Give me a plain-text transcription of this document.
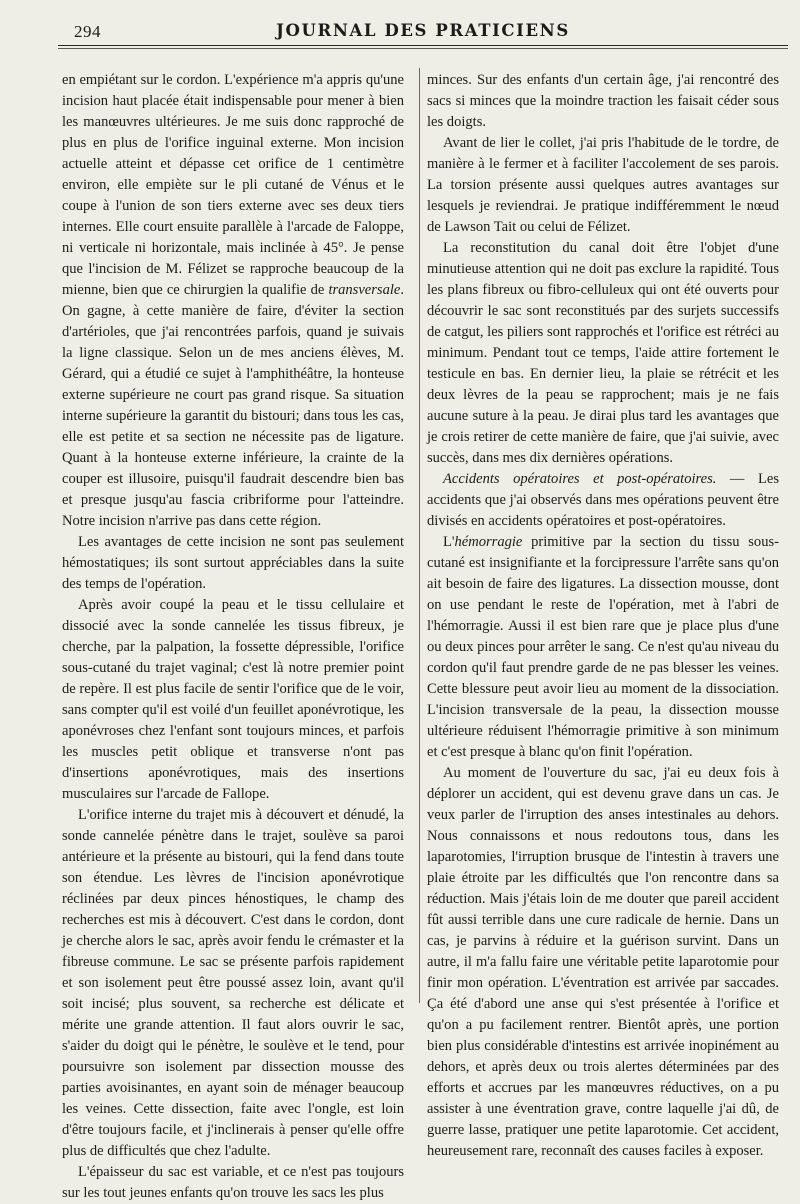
294	JOURNAL DES PRATICIENS

en empiétant sur le cordon. L'expérience m'a appris qu'une incision haut placée était indispensable pour mener à bien les manœuvres ultérieures. Je me suis donc rapproché de plus en plus de l'orifice inguinal externe. Mon incision actuelle atteint et dépasse cet orifice de 1 centimètre environ, elle empiète sur le pli cutané de Vénus et le coupe à l'union de son tiers externe avec ses deux tiers internes. Elle court ensuite parallèle à l'arcade de Faloppe, ni verticale ni horizontale, mais inclinée à 45°. Je pense que l'incision de M. Félizet se rapproche beaucoup de la mienne, bien que ce chirurgien la qualifie de transversale. On gagne, à cette manière de faire, d'éviter la section d'artérioles, que j'ai rencontrées parfois, quand je suivais la ligne classique. Selon un de mes anciens élèves, M. Gérard, qui a étudié ce sujet à l'amphithéâtre, la honteuse externe supérieure ne court pas grand risque. Sa situation interne supérieure la garantit du bistouri; dans tous les cas, elle est petite et sa section ne nécessite pas de ligature. Quant à la honteuse externe inférieure, la crainte de la couper est illusoire, puisqu'il faudrait descendre bien bas et presque jusqu'au fascia cribriforme pour l'atteindre. Notre incision n'arrive pas dans cette région.

Les avantages de cette incision ne sont pas seulement hémostatiques; ils sont surtout appréciables dans la suite des temps de l'opération.

Après avoir coupé la peau et le tissu cellulaire et dissocié avec la sonde cannelée les tissus fibreux, je cherche, par la palpation, la fossette dépressible, l'orifice sous-cutané du trajet vaginal; c'est là notre premier point de repère. Il est plus facile de sentir l'orifice que de le voir, sans compter qu'il est voilé d'un feuillet aponévrotique, les aponévroses chez l'enfant sont toujours minces, et parfois les muscles petit oblique et transverse n'ont pas d'insertions aponévrotiques, mais des insertions musculaires sur l'arcade de Fallope.

L'orifice interne du trajet mis à découvert et dénudé, la sonde cannelée pénètre dans le trajet, soulève sa paroi antérieure et la présente au bistouri, qui la fend dans toute son étendue. Les lèvres de l'incision aponévrotique réclinées par deux pinces hénostiques, le champ des recherches est mis à découvert. C'est dans le cordon, dont je cherche alors le sac, après avoir fendu le crémaster et la fibreuse commune. Le sac se présente parfois rapidement et son isolement peut être poussé assez loin, avant qu'il soit incisé; plus souvent, sa recherche est délicate et mérite une grande attention. Il faut alors ouvrir le sac, s'aider du doigt qui le pénètre, le soulève et le tend, pour poursuivre son isolement par dissection mousse des parties avoisinantes, en ayant soin de ménager beaucoup les veines. Cette dissection, faite avec l'ongle, est loin d'être toujours facile, et j'inclinerais à penser qu'elle offre plus de difficultés que chez l'adulte.

L'épaisseur du sac est variable, et ce n'est pas toujours sur les tout jeunes enfants qu'on trouve les sacs les plus

minces. Sur des enfants d'un certain âge, j'ai rencontré des sacs si minces que la moindre traction les faisait céder sous les doigts.

Avant de lier le collet, j'ai pris l'habitude de le tordre, de manière à le fermer et à faciliter l'accolement de ses parois. La torsion présente aussi quelques autres avantages sur lesquels je reviendrai. Je pratique indifféremment le nœud de Lawson Tait ou celui de Félizet.

La reconstitution du canal doit être l'objet d'une minutieuse attention qui ne doit pas exclure la rapidité. Tous les plans fibreux ou fibro-celluleux qui ont été ouverts pour découvrir le sac sont reconstitués par des surjets successifs de catgut, les piliers sont rapprochés et l'orifice est rétréci au minimum. Pendant tout ce temps, l'aide attire fortement le testicule en bas. En dernier lieu, la plaie se rétrécit et les deux lèvres de la peau se rapprochent; mais je ne fais aucune suture à la peau. Je dirai plus tard les avantages que je crois retirer de cette manière de faire, que j'ai suivie, avec succès, dans mes dix dernières opérations.

Accidents opératoires et post-opératoires. — Les accidents que j'ai observés dans mes opérations peuvent être divisés en accidents opératoires et post-opératoires.

L'hémorragie primitive par la section du tissu sous-cutané est insignifiante et la forcipressure l'arrête sans qu'on ait besoin de faire des ligatures. La dissection mousse, dont on use pendant le reste de l'opération, met à l'abri de l'hémorragie. Aussi il est bien rare que je place plus d'une ou deux pinces pour arrêter le sang. Ce n'est qu'au niveau du cordon qu'il faut prendre garde de ne pas blesser les veines. Cette blessure peut avoir lieu au moment de la dissociation. L'incision transversale de la peau, la dissection mousse ultérieure réduisent l'hémorragie primitive à son minimum et c'est presque à blanc qu'on finit l'opération.

Au moment de l'ouverture du sac, j'ai eu deux fois à déplorer un accident, qui est devenu grave dans un cas. Je veux parler de l'irruption des anses intestinales au dehors. Nous connaissons et nous redoutons tous, dans les laparotomies, l'irruption brusque de l'intestin à travers une plaie étroite par les difficultés que l'on rencontre dans sa réduction. Mais j'étais loin de me douter que pareil accident fût aussi terrible dans une cure radicale de hernie. Dans un cas, je parvins à réduire et la guérison survint. Dans un autre, il m'a fallu faire une véritable petite laparotomie pour finir mon opération. L'éventration est arrivée par saccades. Ça été d'abord une anse qui s'est présentée à l'orifice et qu'on a pu facilement rentrer. Bientôt après, une portion bien plus considérable d'intestins est arrivée inopinément au dehors, et après deux ou trois alertes déterminées par des efforts et accrues par les manœuvres réductives, on a pu assister à une éventration grave, contre laquelle j'ai dû, de guerre lasse, pratiquer une petite laparotomie. Cet accident, heureusement rare, reconnaît des causes faciles à exposer.
